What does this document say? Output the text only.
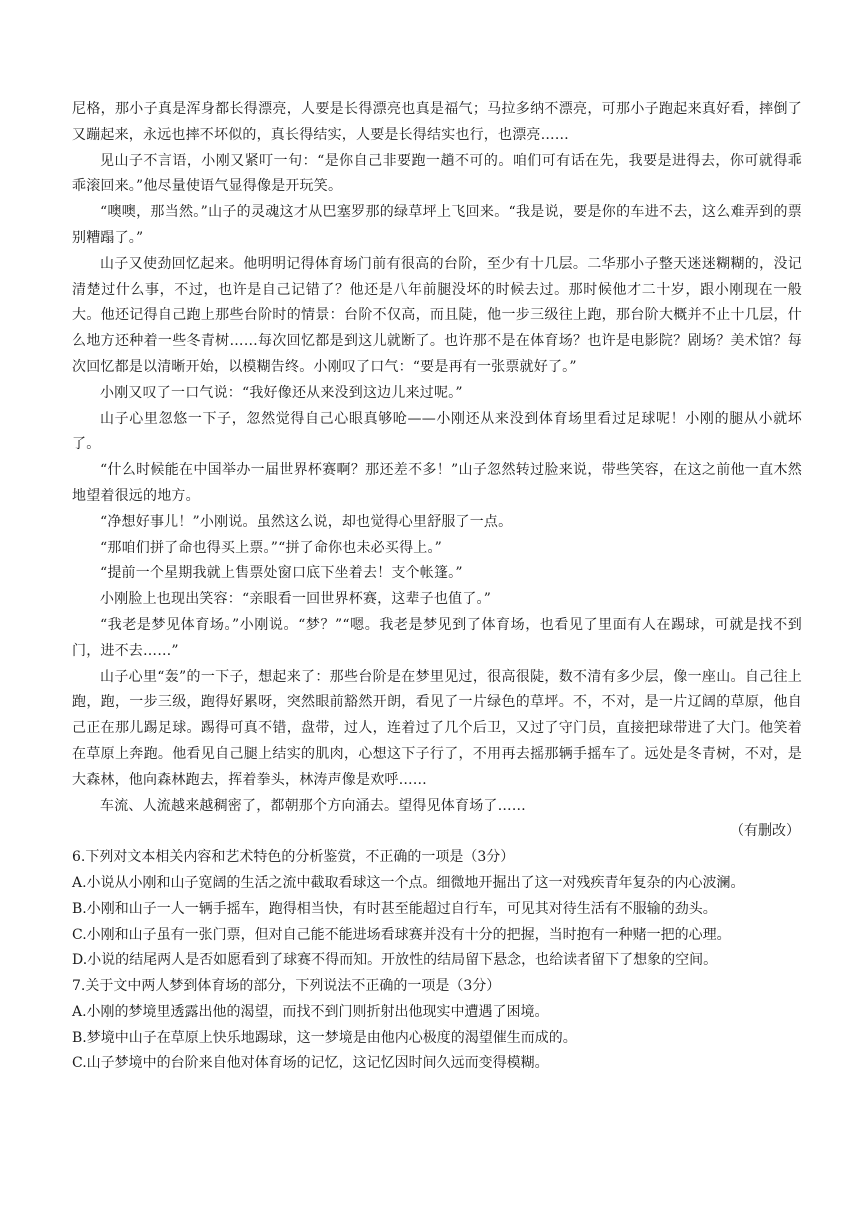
尼格，那小子真是浑身都长得漂亮，人要是长得漂亮也真是福气；马拉多纳不漂亮，可那小子跑起来真好看，摔倒了又蹦起来，永远也摔不坏似的，真长得结实，人要是长得结实也行，也漂亮……

见山子不言语，小刚又紧叮一句：“是你自己非要跑一趟不可的。咱们可有话在先，我要是进得去，你可就得乖乖滚回来。”他尽量使语气显得像是开玩笑。

“噢噢，那当然。”山子的灵魂这才从巴塞罗那的绿草坪上飞回来。“我是说，要是你的车进不去，这么难弄到的票别糟蹋了。”

山子又使劲回忆起来。他明明记得体育场门前有很高的台阶，至少有十几层。二华那小子整天迷迷糊糊的，没记清楚过什么事，不过，也许是自己记错了？他还是八年前腿没坏的时候去过。那时候他才二十岁，跟小刚现在一般大。他还记得自己跑上那些台阶时的情景：台阶不仅高，而且陡，他一步三级往上跑，那台阶大概并不止十几层，什么地方还种着一些冬青树……每次回忆都是到这儿就断了。也许那不是在体育场？也许是电影院？剧场？美术馆？每次回忆都是以清晰开始，以模糊告终。小刚叹了口气：“要是再有一张票就好了。”

小刚又叹了一口气说：“我好像还从来没到这边儿来过呢。”

山子心里忽悠一下子，忽然觉得自己心眼真够呛——小刚还从来没到体育场里看过足球呢！小刚的腿从小就坏了。

“什么时候能在中国举办一届世界杯赛啊？那还差不多！”山子忽然转过脸来说，带些笑容，在这之前他一直木然地望着很远的地方。

“净想好事儿！”小刚说。虽然这么说，却也觉得心里舒服了一点。

“那咱们拼了命也得买上票。”“拼了命你也未必买得上。”

“提前一个星期我就上售票处窗口底下坐着去！支个帐篷。”

小刚脸上也现出笑容：“亲眼看一回世界杯赛，这辈子也值了。”

“我老是梦见体育场。”小刚说。“梦？”“嗯。我老是梦见到了体育场，也看见了里面有人在踢球，可就是找不到门，进不去……”

山子心里“轰”的一下子，想起来了：那些台阶是在梦里见过，很高很陡，数不清有多少层，像一座山。自己往上跑，跑，一步三级，跑得好累呀，突然眼前豁然开朗，看见了一片绿色的草坪。不，不对，是一片辽阔的草原，他自己正在那儿踢足球。踢得可真不错，盘带，过人，连着过了几个后卫，又过了守门员，直接把球带进了大门。他笑着在草原上奔跑。他看见自己腿上结实的肌肉，心想这下子行了，不用再去摇那辆手摇车了。远处是冬青树，不对，是大森林，他向森林跑去，挥着拳头，林涛声像是欢呼……

车流、人流越来越稠密了，都朝那个方向涌去。望得见体育场了……

（有删改）

6.下列对文本相关内容和艺术特色的分析鉴赏，不正确的一项是（3分）

A.小说从小刚和山子宽阔的生活之流中截取看球这一个点。细微地开掘出了这一对残疾青年复杂的内心波澜。

B.小刚和山子一人一辆手摇车，跑得相当快，有时甚至能超过自行车，可见其对待生活有不服输的劲头。

C.小刚和山子虽有一张门票，但对自己能不能进场看球赛并没有十分的把握，当时抱有一种赌一把的心理。

D.小说的结尾两人是否如愿看到了球赛不得而知。开放性的结局留下悬念，也给读者留下了想象的空间。

7.关于文中两人梦到体育场的部分，下列说法不正确的一项是（3分）

A.小刚的梦境里透露出他的渴望，而找不到门则折射出他现实中遭遇了困境。

B.梦境中山子在草原上快乐地踢球，这一梦境是由他内心极度的渴望催生而成的。

C.山子梦境中的台阶来自他对体育场的记忆，这记忆因时间久远而变得模糊。
